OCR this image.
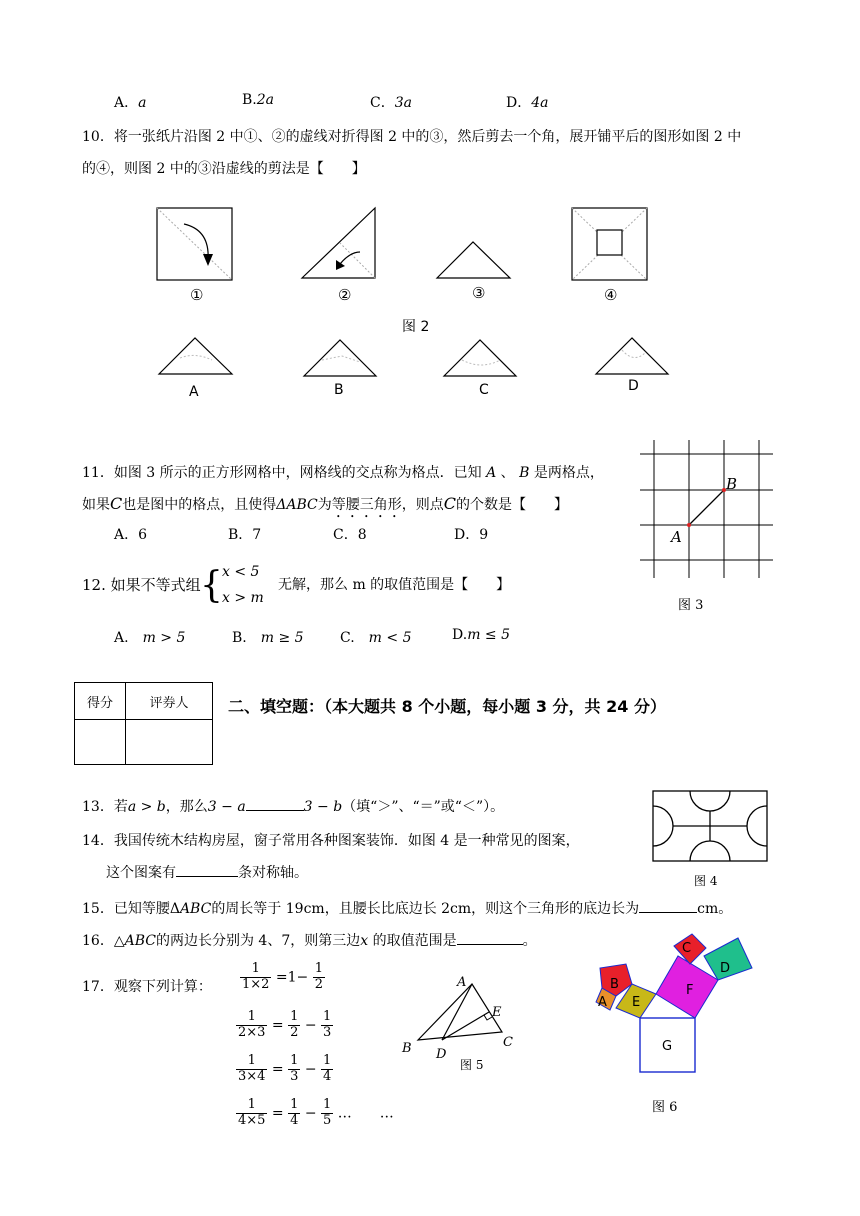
A．a	B.2a	C．3a	D．4a
10．将一张纸片沿图 2 中①、②的虚线对折得图 2 中的③，然后剪去一个角，展开铺平后的图形如图 2 中
的④，则图 2 中的③沿虚线的剪法是【　　】
①	②	③	④
图 2
A	B	C	D
11．如图 3 所示的正方形网格中，网格线的交点称为格点．已知 A 、 B 是两格点，
如果C也是图中的格点，且使得ΔABC为等腰三角形，则点C的个数是【　　】
A．6	B．7	C．8	D．9
B
A
图 3
12. 如果不等式组 { x < 5
x > m
无解，那么 m 的取值范围是【　　】
A.　 m > 5	B.　 m ≥ 5	C.　 m < 5	D.m ≤ 5
得分	评券人
	二、填空题：（本大题共 8 个小题，每小题 3 分，共 24 分）
13．若a > b，那么3 − a	3 − b（填“＞”、“＝”或“＜”）。
图 4
14．我国传统木结构房屋，窗子常用各种图案装饰．如图 4 是一种常见的图案，
这个图案有	条对称轴。
15．已知等腰ΔABC的周长等于 19cm，且腰长比底边长 2cm，则这个三角形的底边长为	cm。
16．△ABC的两边长分别为 4、7，则第三边x 的取值范围是	。
17．观察下列计算： $\frac{1}{1\times 2} =1- \frac{1}{2}$
$\frac{1}{2\times 3} = \frac{1}{2} - \frac{1}{3}$
$\frac{1}{3\times 4} = \frac{1}{3} - \frac{1}{4}$
$\frac{1}{4\times 5} = \frac{1}{4} - \frac{1}{5}$ …　　…
A
E
B D
C
图 5
C
D
B
A E
F
G
图 6
